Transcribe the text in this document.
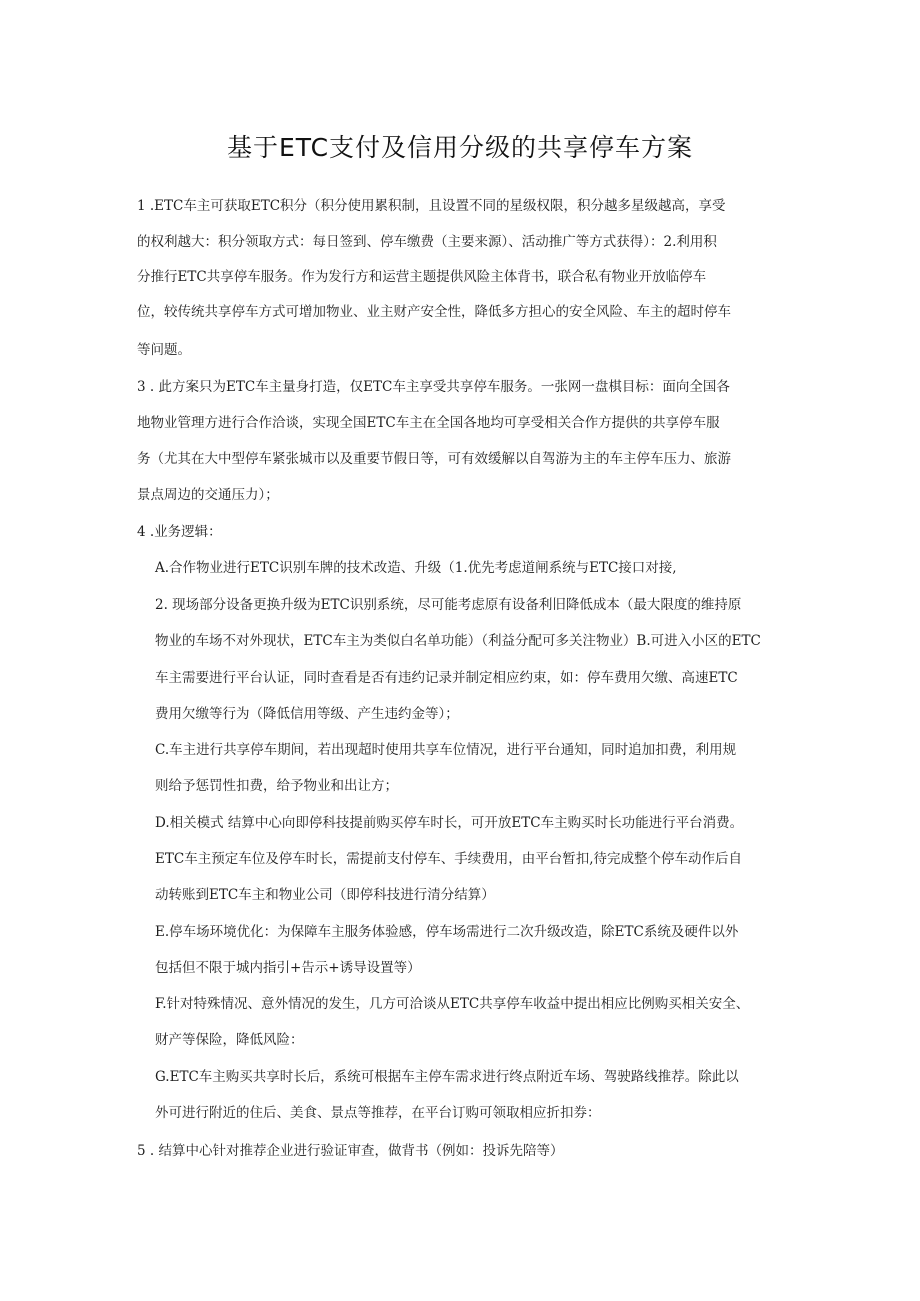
基于ETC支付及信用分级的共享停车方案
1 .ETC车主可获取ETC积分（积分使用累积制，且设置不同的星级权限，积分越多星级越高，享受
的权利越大：积分领取方式：每日签到、停车缴费（主要来源）、活动推广等方式获得）：2.利用积
分推行ETC共享停车服务。作为发行方和运营主题提供风险主体背书，联合私有物业开放临停车
位，较传统共享停车方式可增加物业、业主财产安全性，降低多方担心的安全风险、车主的超时停车
等问题。
3 . 此方案只为ETC车主量身打造，仅ETC车主享受共享停车服务。一张网一盘棋目标：面向全国各
地物业管理方进行合作洽谈，实现全国ETC车主在全国各地均可享受相关合作方提供的共享停车服
务（尤其在大中型停车紧张城市以及重要节假日等，可有效缓解以自驾游为主的车主停车压力、旅游
景点周边的交通压力）；
4 .业务逻辑：
A.合作物业进行ETC识别车牌的技术改造、升级（1.优先考虑道闸系统与ETC接口对接,
2. 现场部分设备更换升级为ETC识别系统，尽可能考虑原有设备利旧降低成本（最大限度的维持原
物业的车场不对外现状，ETC车主为类似白名单功能）（利益分配可多关注物业）B.可进入小区的ETC
车主需要进行平台认证，同时查看是否有违约记录并制定相应约束，如：停车费用欠缴、高速ETC
费用欠缴等行为（降低信用等级、产生违约金等）；
C.车主进行共享停车期间，若出现超时使用共享车位情况，进行平台通知，同时追加扣费，利用规
则给予惩罚性扣费，给予物业和出让方；
D.相关模式 结算中心向即停科技提前购买停车时长，可开放ETC车主购买时长功能进行平台消费。
ETC车主预定车位及停车时长，需提前支付停车、手续费用，由平台暂扣,待完成整个停车动作后自
动转账到ETC车主和物业公司（即停科技进行清分结算）
E.停车场环境优化：为保障车主服务体验感，停车场需进行二次升级改造，除ETC系统及硬件以外
包括但不限于城内指引+告示+诱导设置等）
F.针对特殊情况、意外情况的发生，几方可洽谈从ETC共享停车收益中提出相应比例购买相关安全、
财产等保险，降低风险：
G.ETC车主购买共享时长后，系统可根据车主停车需求进行终点附近车场、驾驶路线推荐。除此以
外可进行附近的住后、美食、景点等推荐，在平台订购可领取相应折扣券：
5 . 结算中心针对推荐企业进行验证审查，做背书（例如：投诉先陪等）
